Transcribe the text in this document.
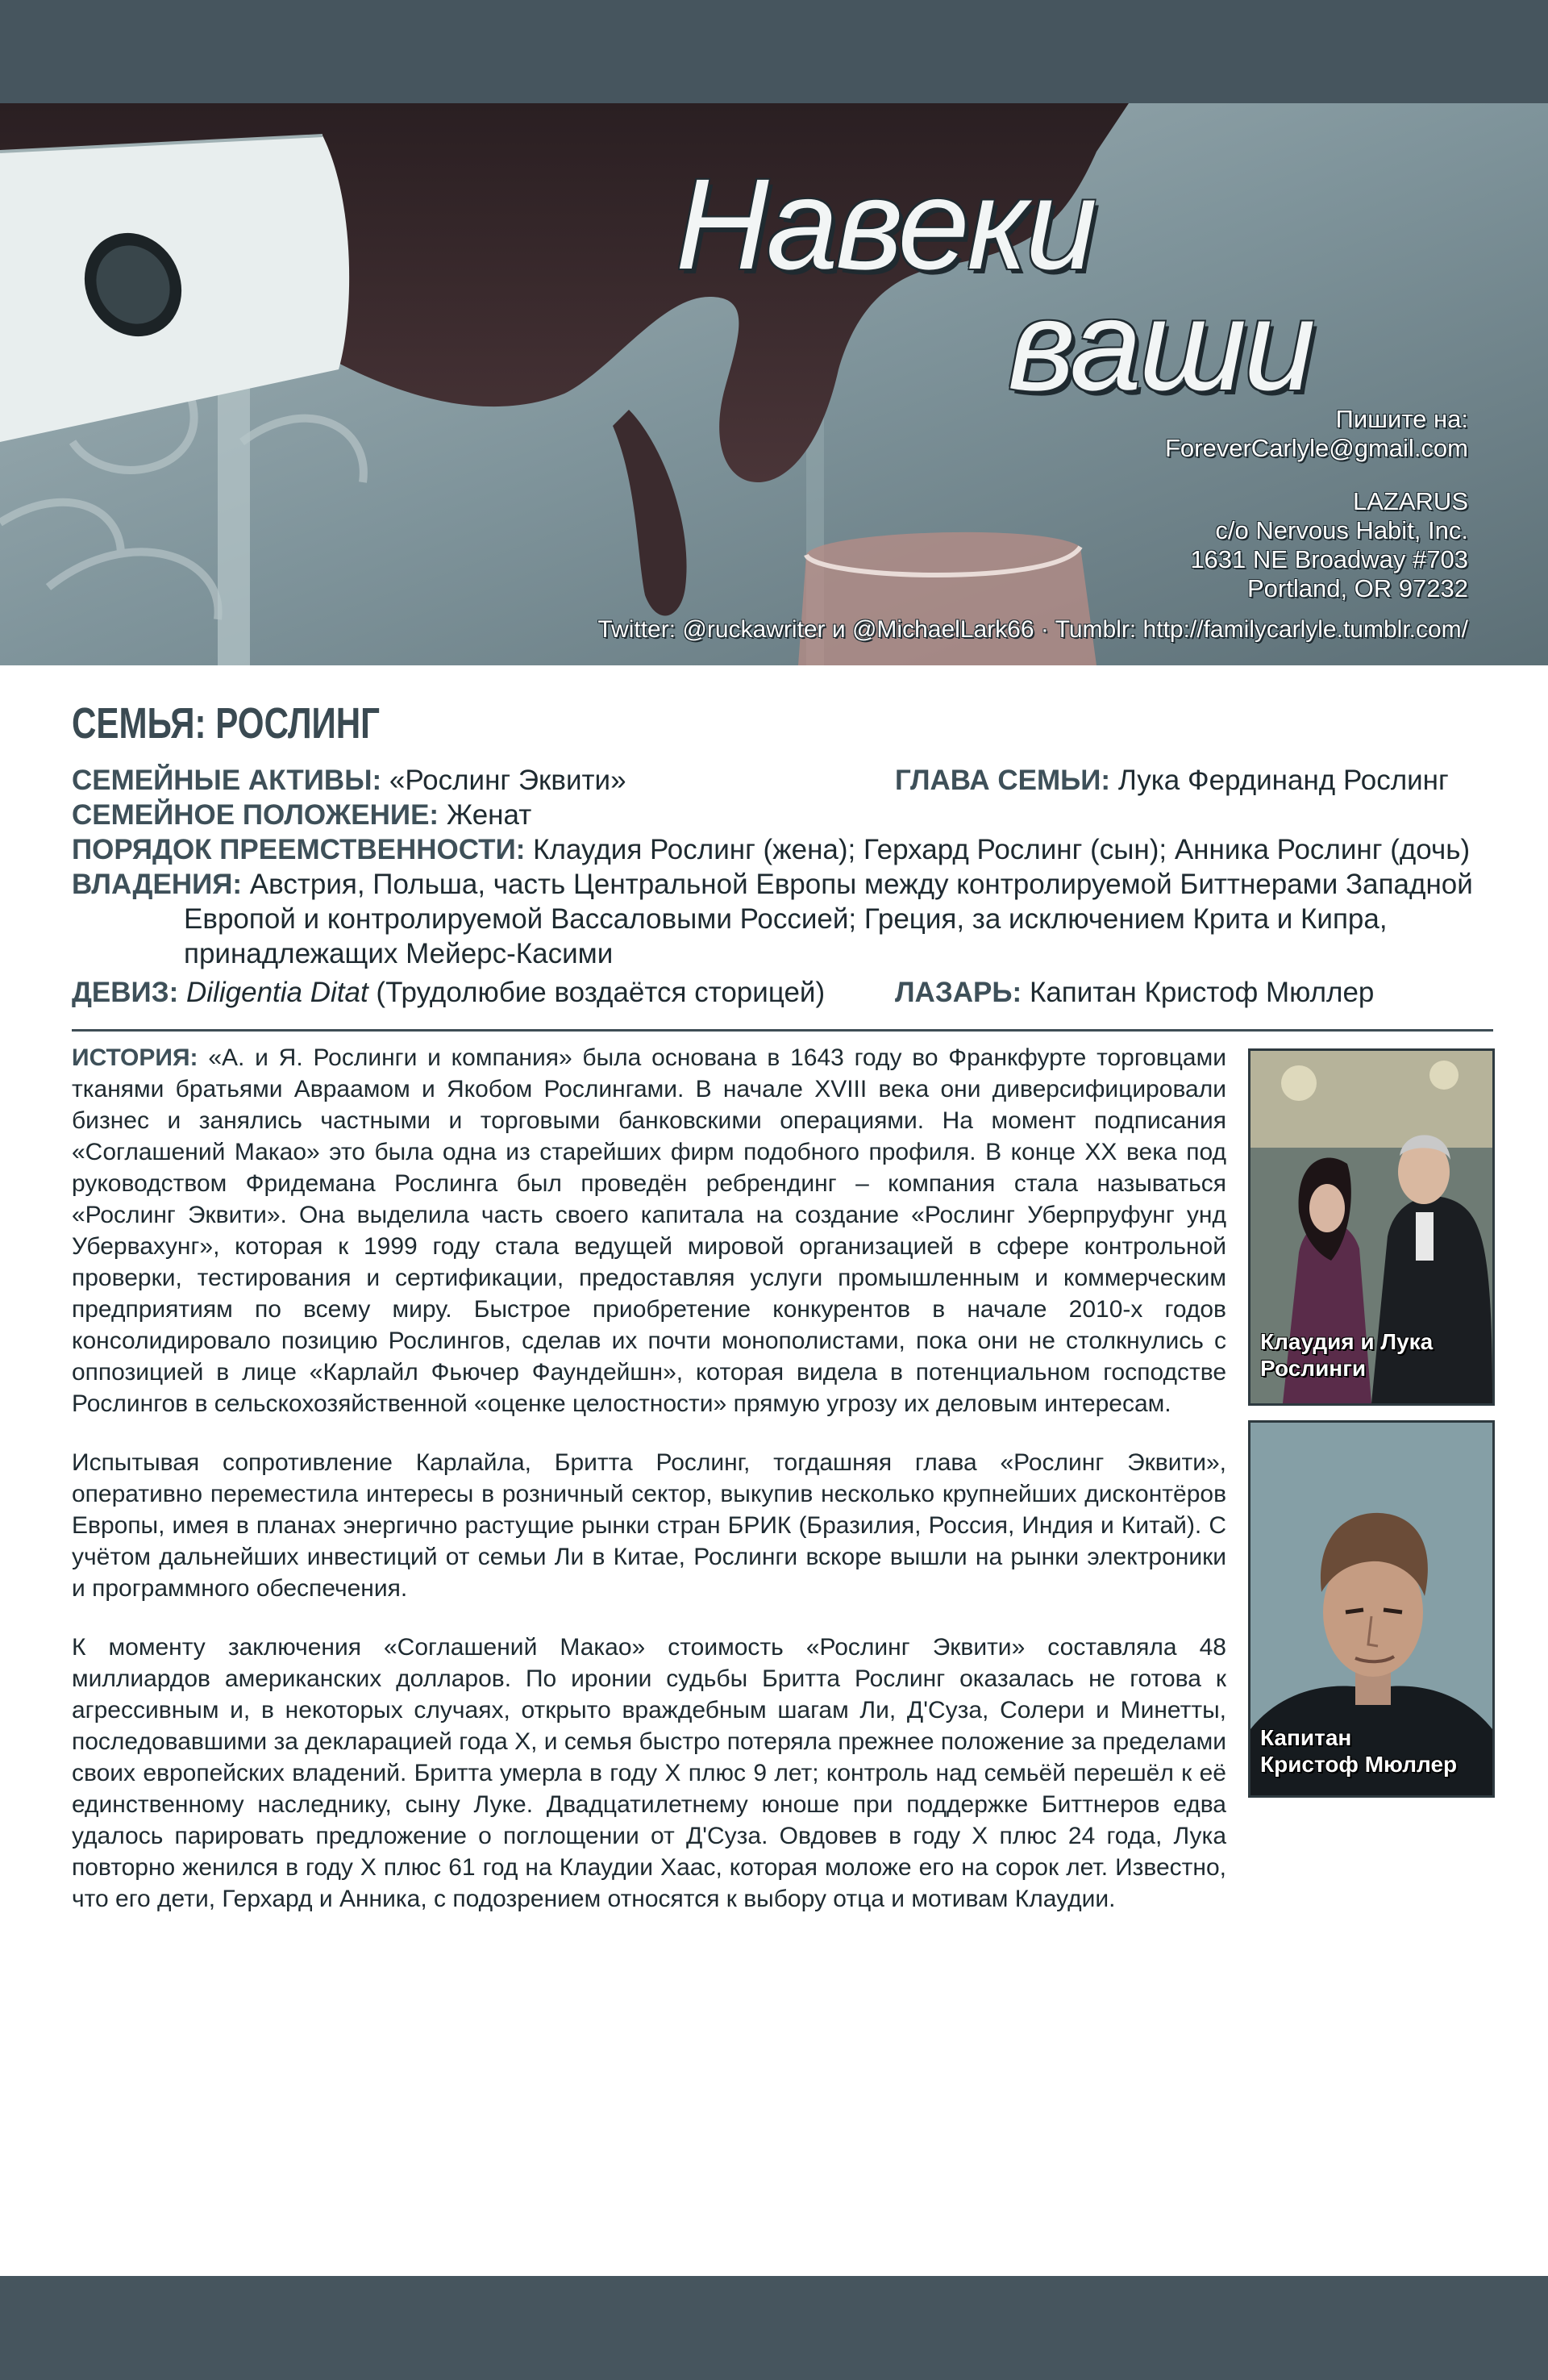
Навеки
ваши
Пишите на:
ForeverCarlyle@gmail.com
LAZARUS
c/o Nervous Habit, Inc.
1631 NE Broadway #703
Portland, OR 97232
Twitter: @ruckawriter и @MichaelLark66 · Tumblr: http://familycarlyle.tumblr.com/
СЕМЬЯ: РОСЛИНГ
СЕМЕЙНЫЕ АКТИВЫ: «Рослинг Эквити»	ГЛАВА СЕМЬИ: Лука Фердинанд Рослинг
СЕМЕЙНОЕ ПОЛОЖЕНИЕ: Женат
ПОРЯДОК ПРЕЕМСТВЕННОСТИ: Клаудия Рослинг (жена); Герхард Рослинг (сын); Анника Рослинг (дочь)
ВЛАДЕНИЯ: Австрия, Польша, часть Центральной Европы между контролируемой Биттнерами Западной
Европой и контролируемой Вассаловыми Россией; Греция, за исключением Крита и Кипра,
принадлежащих Мейерс-Касими
ДЕВИЗ: Diligentia Ditat (Трудолюбие воздаётся сторицей) ЛАЗАРЬ: Капитан Кристоф Мюллер

ИСТОРИЯ: «А. и Я. Рослинги и компания» была основана в 1643 году во Франкфурте торговцами тканями братьями Авраамом и Якобом Рослингами. В начале XVIII века они диверсифицировали бизнес и занялись частными и торговыми банковскими операциями. На момент подписания «Соглашений Макао» это была одна из старейших фирм подобного профиля. В конце XX века под руководством Фридемана Рослинга был проведён ребрендинг – компания стала называться «Рослинг Эквити». Она выделила часть своего капитала на создание «Рослинг Уберпруфунг унд Убервахунг», которая к 1999 году стала ведущей мировой организацией в сфере контрольной проверки, тестирования и сертификации, предоставляя услуги промышленным и коммерческим предприятиям по всему миру. Быстрое приобретение конкурентов в начале 2010-х годов консолидировало позицию Рослингов, сделав их почти монополистами, пока они не столкнулись с оппозицией в лице «Карлайл Фьючер Фаундейшн», которая видела в потенциальном господстве Рослингов в сельскохозяйственной «оценке целостности» прямую угрозу их деловым интересам.

Испытывая сопротивление Карлайла, Бритта Рослинг, тогдашняя глава «Рослинг Эквити», оперативно переместила интересы в розничный сектор, выкупив несколько крупнейших дисконтёров Европы, имея в планах энергично растущие рынки стран БРИК (Бразилия, Россия, Индия и Китай). С учётом дальнейших инвестиций от семьи Ли в Китае, Рослинги вскоре вышли на рынки электроники и программного обеспечения.

К моменту заключения «Соглашений Макао» стоимость «Рослинг Эквити» составляла 48 миллиардов американских долларов. По иронии судьбы Бритта Рослинг оказалась не готова к агрессивным и, в некоторых случаях, открыто враждебным шагам Ли, Д'Суза, Солери и Минетты, последовавшими за декларацией года X, и семья быстро потеряла прежнее положение за пределами своих европейских владений. Бритта умерла в году X плюс 9 лет; контроль над семьёй перешёл к её единственному наследнику, сыну Луке. Двадцатилетнему юноше при поддержке Биттнеров едва удалось парировать предложение о поглощении от Д'Суза. Овдовев в году X плюс 24 года, Лука повторно женился в году X плюс 61 год на Клаудии Хаас, которая моложе его на сорок лет. Известно, что его дети, Герхард и Анника, с подозрением относятся к выбору отца и мотивам Клаудии.

Клаудия и Лука
Рослинги
Капитан
Кристоф Мюллер
